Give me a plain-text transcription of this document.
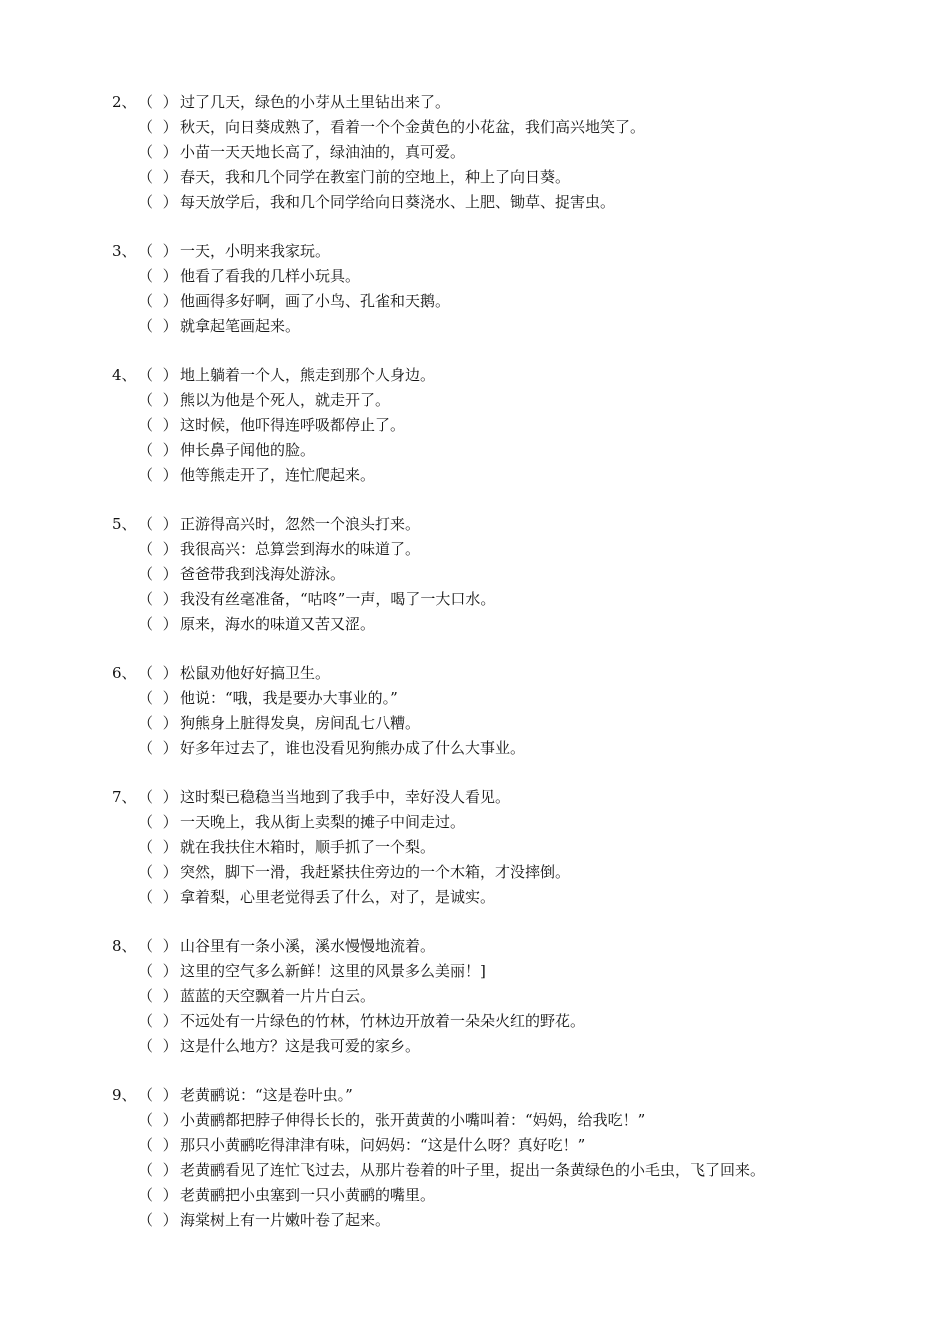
2、 （ ） 过了几天，绿色的小芽从土里钻出来了。
（ ） 秋天，向日葵成熟了，看着一个个金黄色的小花盆，我们高兴地笑了。
（ ） 小苗一天天地长高了，绿油油的，真可爱。
（ ） 春天，我和几个同学在教室门前的空地上，种上了向日葵。
（ ） 每天放学后，我和几个同学给向日葵浇水、上肥、锄草、捉害虫。
3、 （ ） 一天，小明来我家玩。
（ ） 他看了看我的几样小玩具。
（ ） 他画得多好啊，画了小鸟、孔雀和天鹅。
（ ） 就拿起笔画起来。
4、 （ ） 地上躺着一个人，熊走到那个人身边。
（ ） 熊以为他是个死人，就走开了。
（ ） 这时候，他吓得连呼吸都停止了。
（ ） 伸长鼻子闻他的脸。
（ ） 他等熊走开了，连忙爬起来。
5、 （ ） 正游得高兴时，忽然一个浪头打来。
（ ） 我很高兴：总算尝到海水的味道了。
（ ） 爸爸带我到浅海处游泳。
（ ） 我没有丝毫准备，“咕咚”一声，喝了一大口水。
（ ） 原来，海水的味道又苦又涩。
6、 （ ） 松鼠劝他好好搞卫生。
（ ） 他说：“哦，我是要办大事业的。”
（ ） 狗熊身上脏得发臭，房间乱七八糟。
（ ） 好多年过去了，谁也没看见狗熊办成了什么大事业。
7、 （ ） 这时梨已稳稳当当地到了我手中，幸好没人看见。
（ ） 一天晚上，我从街上卖梨的摊子中间走过。
（ ） 就在我扶住木箱时，顺手抓了一个梨。
（ ） 突然，脚下一滑，我赶紧扶住旁边的一个木箱，才没摔倒。
（ ） 拿着梨，心里老觉得丢了什么，对了，是诚实。
8、 （ ） 山谷里有一条小溪，溪水慢慢地流着。
（ ） 这里的空气多么新鲜！这里的风景多么美丽！]
（ ） 蓝蓝的天空飘着一片片白云。
（ ） 不远处有一片绿色的竹林，竹林边开放着一朵朵火红的野花。
（ ） 这是什么地方？这是我可爱的家乡。
9、 （ ） 老黄鹂说：“这是卷叶虫。”
（ ） 小黄鹂都把脖子伸得长长的，张开黄黄的小嘴叫着：“妈妈，给我吃！”
（ ） 那只小黄鹂吃得津津有味，问妈妈：“这是什么呀？真好吃！”
（ ） 老黄鹂看见了连忙飞过去，从那片卷着的叶子里，捉出一条黄绿色的小毛虫，飞了回来。
（ ） 老黄鹂把小虫塞到一只小黄鹂的嘴里。
（ ） 海棠树上有一片嫩叶卷了起来。
